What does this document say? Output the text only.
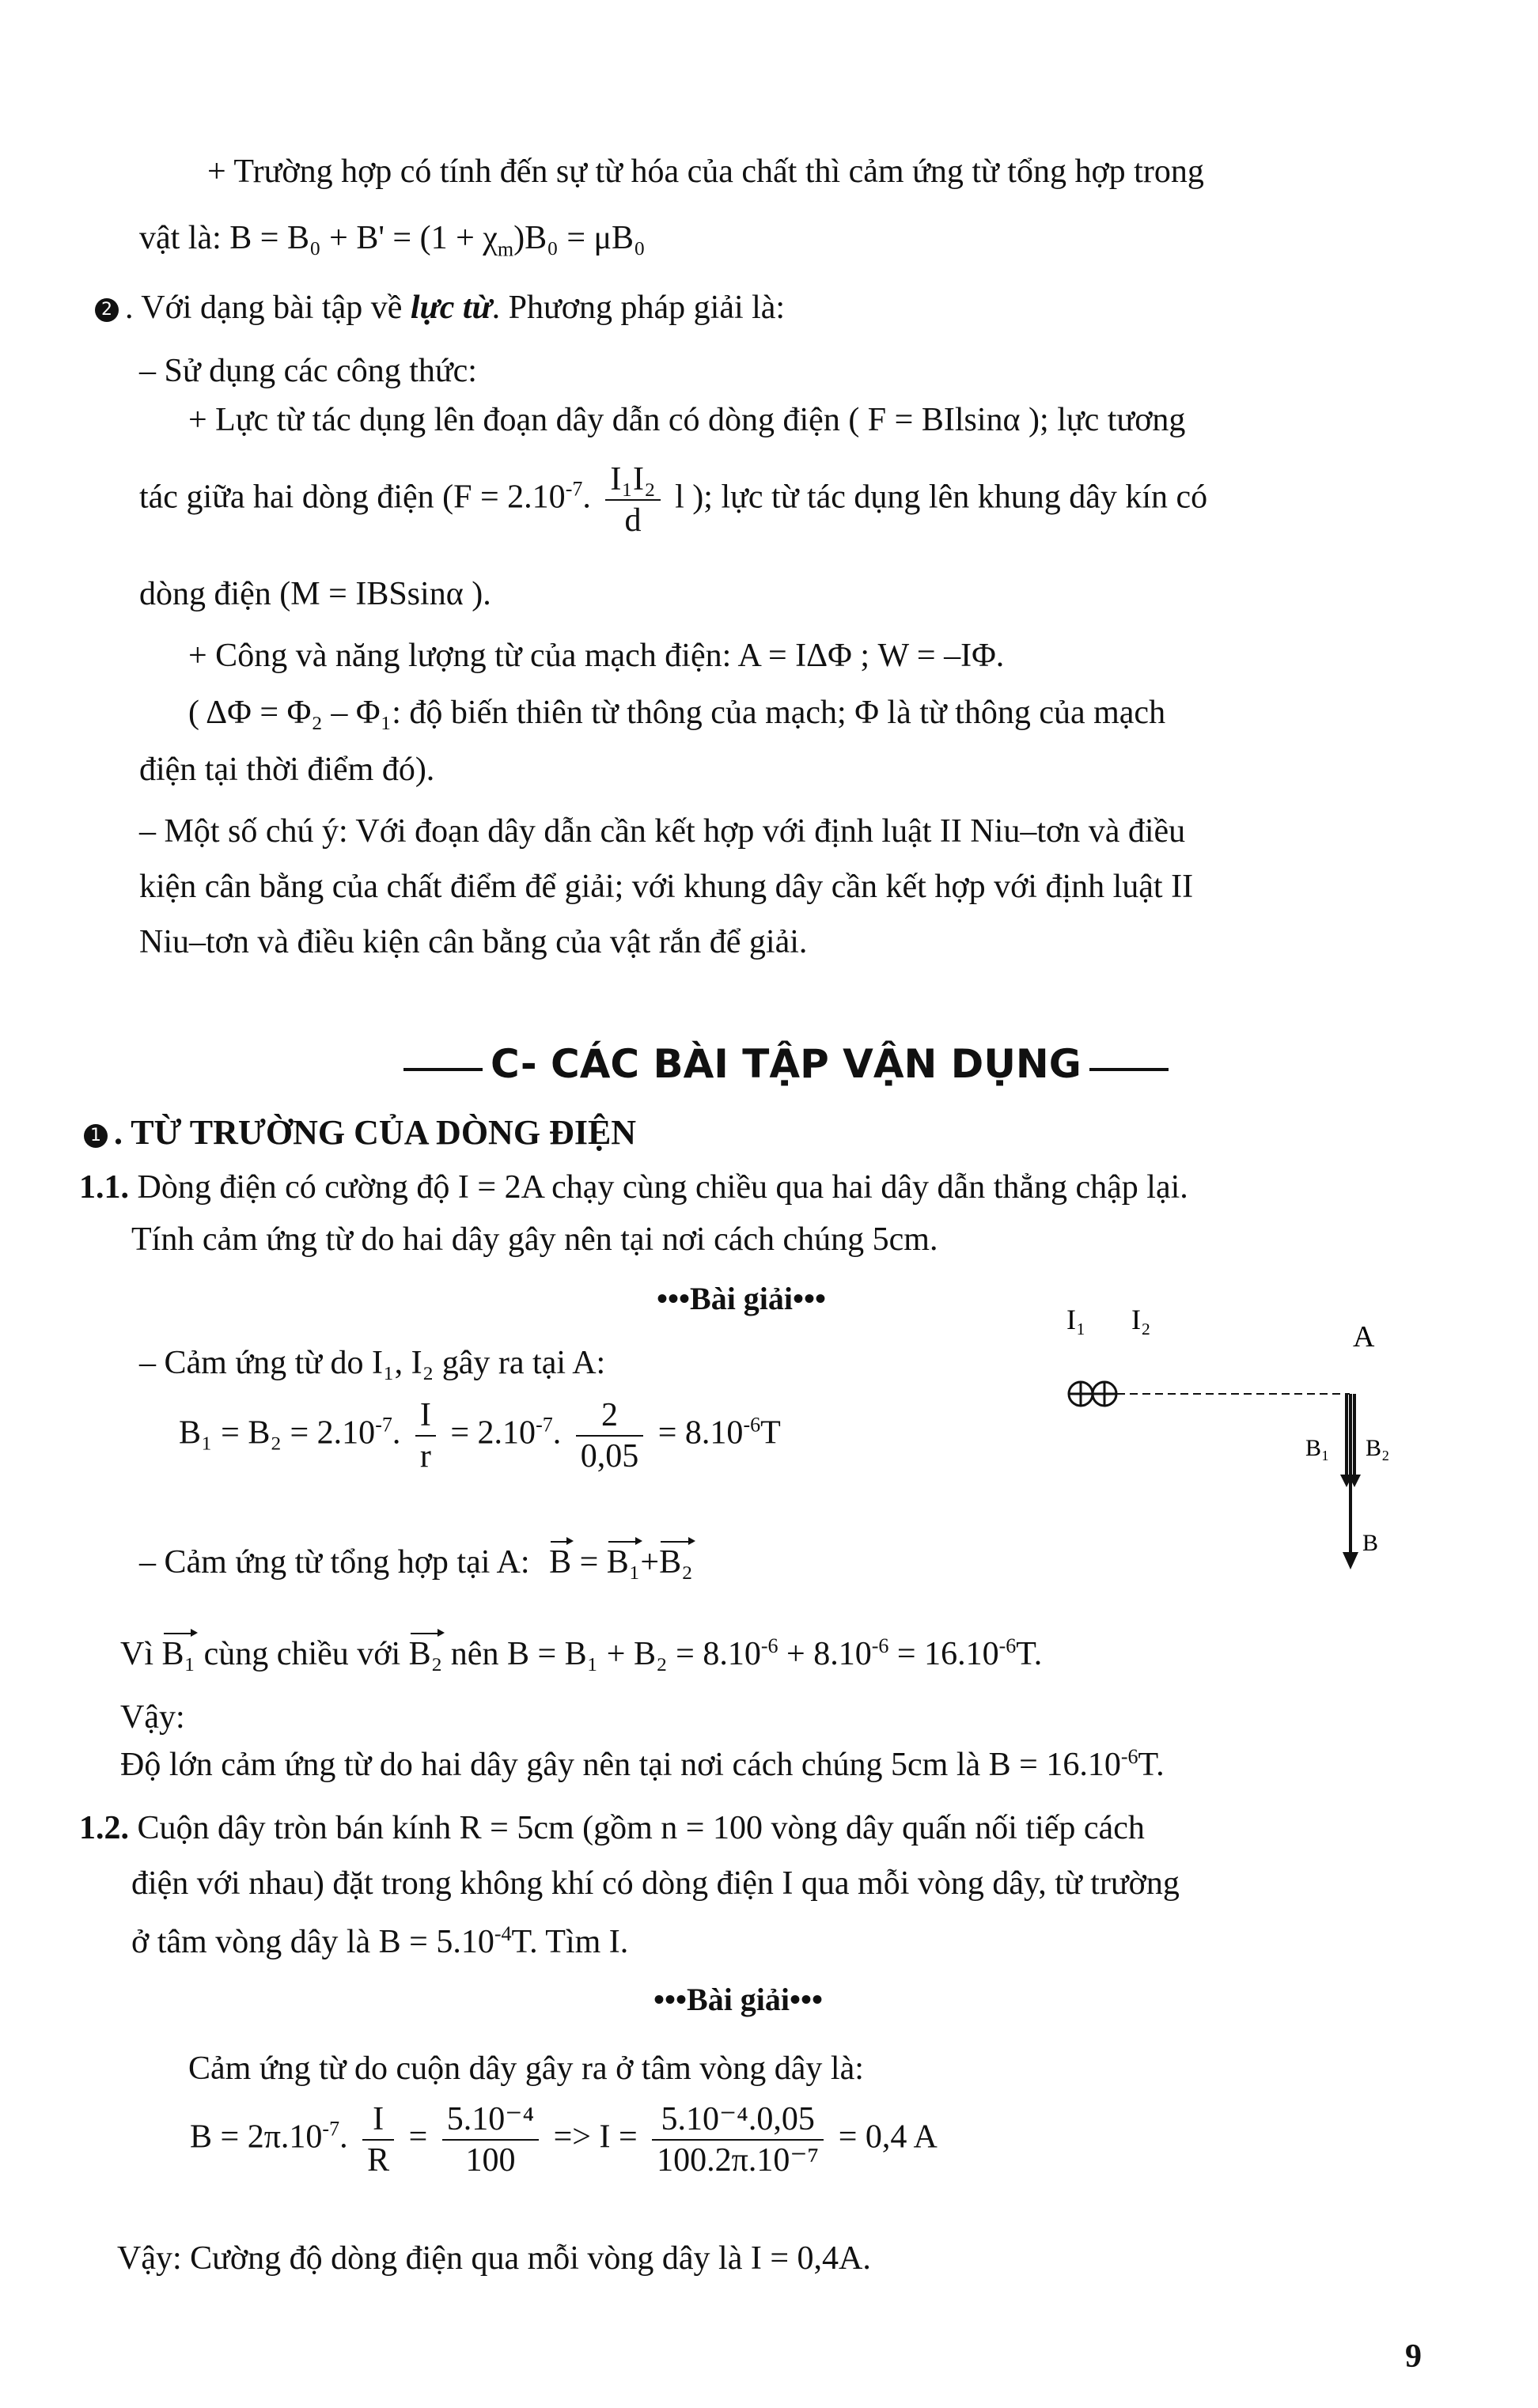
+ Trường hợp có tính đến sự từ hóa của chất thì cảm ứng từ tổng hợp trong
vật là: $B = B_0 + B' = (1 + \chi_m)B_0 = \mu B_0$
2 . Với dạng bài tập về lực từ. Phương pháp giải là:
– Sử dụng các công thức:
+ Lực từ tác dụng lên đoạn dây dẫn có dòng điện ( F = BIlsinα ); lực tương
tác giữa hai dòng điện ($F = 2.10^{-7}$. $\frac{\text{I₁I₂}}{d}$ l ); lực từ tác dụng lên khung dây kín có
dòng điện (M = IBSsinα ).
+ Công và năng lượng từ của mạch điện: A = IΔΦ ; W = –IΦ.
( ΔΦ = Φ₂ – Φ₁: độ biến thiên từ thông của mạch; Φ là từ thông của mạch
điện tại thời điểm đó).
– Một số chú ý: Với đoạn dây dẫn cần kết hợp với định luật II Niu–tơn và điều
kiện cân bằng của chất điểm để giải; với khung dây cần kết hợp với định luật II
Niu–tơn và điều kiện cân bằng của vật rắn để giải.
C- CÁC BÀI TẬP VẬN DỤNG
1 . TỪ TRƯỜNG CỦA DÒNG ĐIỆN
1.1. Dòng điện có cường độ I = 2A chạy cùng chiều qua hai dây dẫn thẳng chập lại.
Tính cảm ứng từ do hai dây gây nên tại nơi cách chúng 5cm.
•••Bài giải•••
– Cảm ứng từ do I₁, I₂ gây ra tại A:
$B_1 = B_2 = 2.10^{-7}$. $\frac{I}{r} = 2.10^{-7}$. $\frac{2}{0,05} = 8.10^{-6}T$
– Cảm ứng từ tổng hợp tại A: B = B₁+B₂
Vì B₁ cùng chiều với B₂ nên $B = B_1 + B_2 = 8.10^{-6} + 8.10^{-6} = 16.10^{-6}T$.
Vậy:
Độ lớn cảm ứng từ do hai dây gây nên tại nơi cách chúng 5cm là $B = 16.10^{-6}T$.
I₁ I₂
A
B₁ B₂
B
1.2. Cuộn dây tròn bán kính R = 5cm (gồm n = 100 vòng dây quấn nối tiếp cách
điện với nhau) đặt trong không khí có dòng điện I qua mỗi vòng dây, từ trường
ở tâm vòng dây là $B = 5.10^{-4}T$. Tìm I.
•••Bài giải•••
Cảm ứng từ do cuộn dây gây ra ở tâm vòng dây là:
$B = 2\pi.10^{-7}$. $\frac{I}{R} = \frac{\text{5.10⁻⁴}}{100} => I = \frac{\text{5.10⁻⁴.0,05}}{\text{100.2π.10⁻⁷}} = 0,4$ A
Vậy: Cường độ dòng điện qua mỗi vòng dây là I = 0,4A.
9
